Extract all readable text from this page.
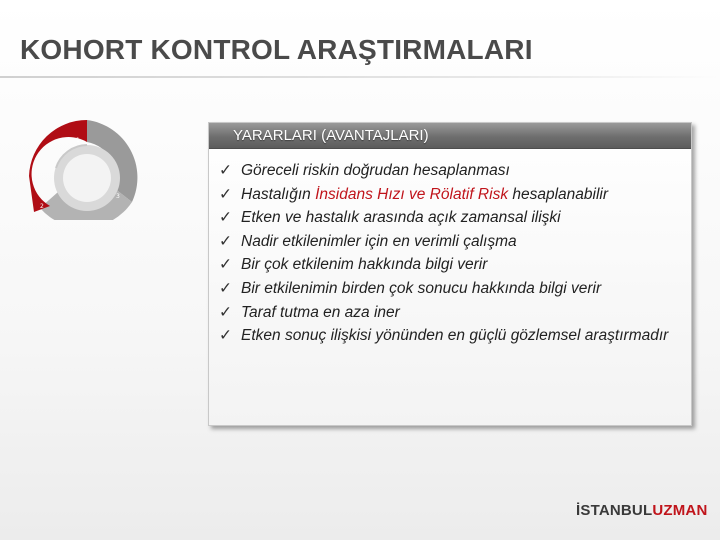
KOHORT KONTROL ARAŞTIRMALARI
1
2
3
YARARLARI (AVANTAJLARI)
✓ Göreceli riskin doğrudan hesaplanması
✓ Hastalığın İnsidans Hızı ve Rölatif Risk hesaplanabilir
✓ Etken ve hastalık arasında açık zamansal ilişki
✓ Nadir etkilenimler için en verimli çalışma
✓ Bir çok etkilenim hakkında bilgi verir
✓ Bir etkilenimin birden çok sonucu hakkında bilgi verir
✓ Taraf tutma en aza iner
✓ Etken sonuç ilişkisi yönünden en güçlü gözlemsel araştırmadır
İSTANBULUZMAN
